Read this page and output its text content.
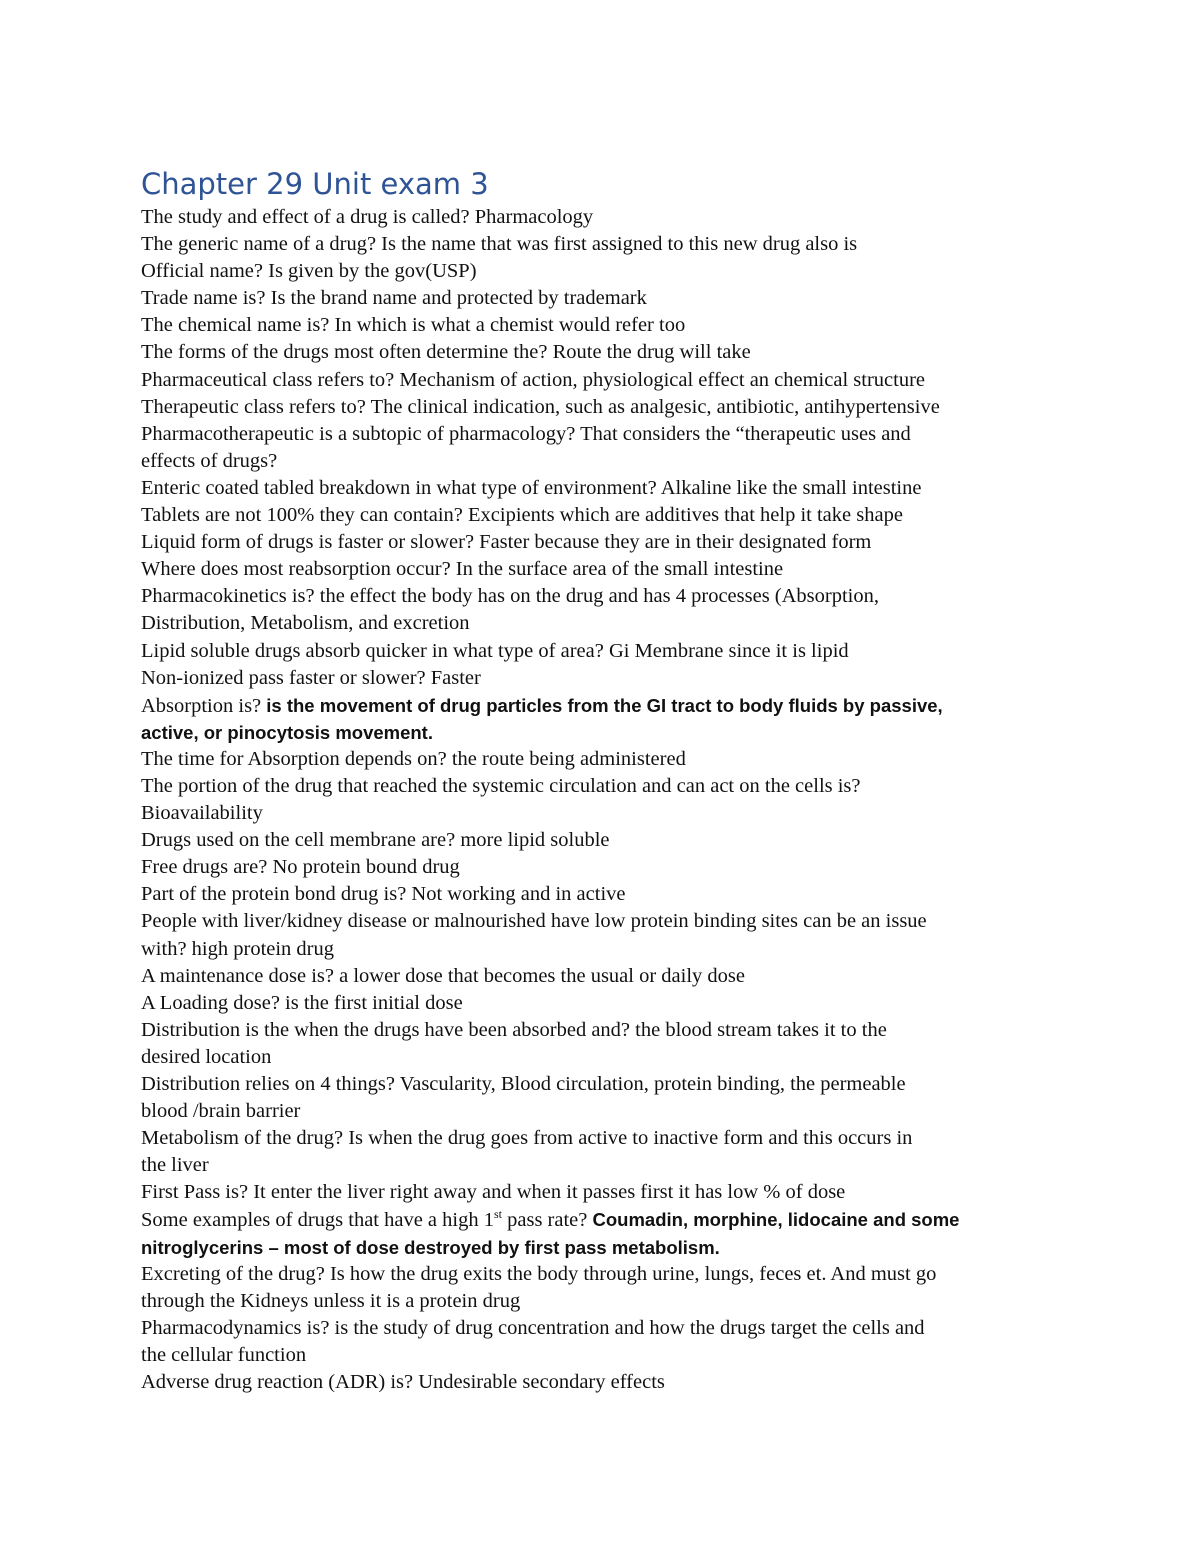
Chapter 29 Unit exam 3
The study and effect of a drug is called? Pharmacology
The generic name of a drug? Is the name that was first assigned to this new drug also is
Official name? Is given by the gov(USP)
Trade name is? Is the brand name and protected by trademark
The chemical name is? In which is what a chemist would refer too
The forms of the drugs most often determine the? Route the drug will take
Pharmaceutical class refers to? Mechanism of action, physiological effect an chemical structure
Therapeutic class refers to? The clinical indication, such as analgesic, antibiotic, antihypertensive
Pharmacotherapeutic is a subtopic of pharmacology? That considers the “therapeutic uses and
effects of drugs?
Enteric coated tabled breakdown in what type of environment? Alkaline like the small intestine
Tablets are not 100% they can contain? Excipients which are additives that help it take shape
Liquid form of drugs is faster or slower? Faster because they are in their designated form
Where does most reabsorption occur? In the surface area of the small intestine
Pharmacokinetics is? the effect the body has on the drug and has 4 processes (Absorption,
Distribution, Metabolism, and excretion
Lipid soluble drugs absorb quicker in what type of area? Gi Membrane since it is lipid
Non-ionized pass faster or slower? Faster
Absorption is? is the movement of drug particles from the GI tract to body fluids by passive,
active, or pinocytosis movement.
The time for Absorption depends on? the route being administered
The portion of the drug that reached the systemic circulation and can act on the cells is?
Bioavailability
Drugs used on the cell membrane are? more lipid soluble
Free drugs are? No protein bound drug
Part of the protein bond drug is? Not working and in active
People with liver/kidney disease or malnourished have low protein binding sites can be an issue
with? high protein drug
A maintenance dose is? a lower dose that becomes the usual or daily dose
A Loading dose? is the first initial dose
Distribution is the when the drugs have been absorbed and? the blood stream takes it to the
desired location
Distribution relies on 4 things? Vascularity, Blood circulation, protein binding, the permeable
blood /brain barrier
Metabolism of the drug? Is when the drug goes from active to inactive form and this occurs in
the liver
First Pass is? It enter the liver right away and when it passes first it has low % of dose
Some examples of drugs that have a high 1st pass rate? Coumadin, morphine, lidocaine and some
nitroglycerins – most of dose destroyed by first pass metabolism.
Excreting of the drug? Is how the drug exits the body through urine, lungs, feces et. And must go
through the Kidneys unless it is a protein drug
Pharmacodynamics is? is the study of drug concentration and how the drugs target the cells and
the cellular function
Adverse drug reaction (ADR) is? Undesirable secondary effects
